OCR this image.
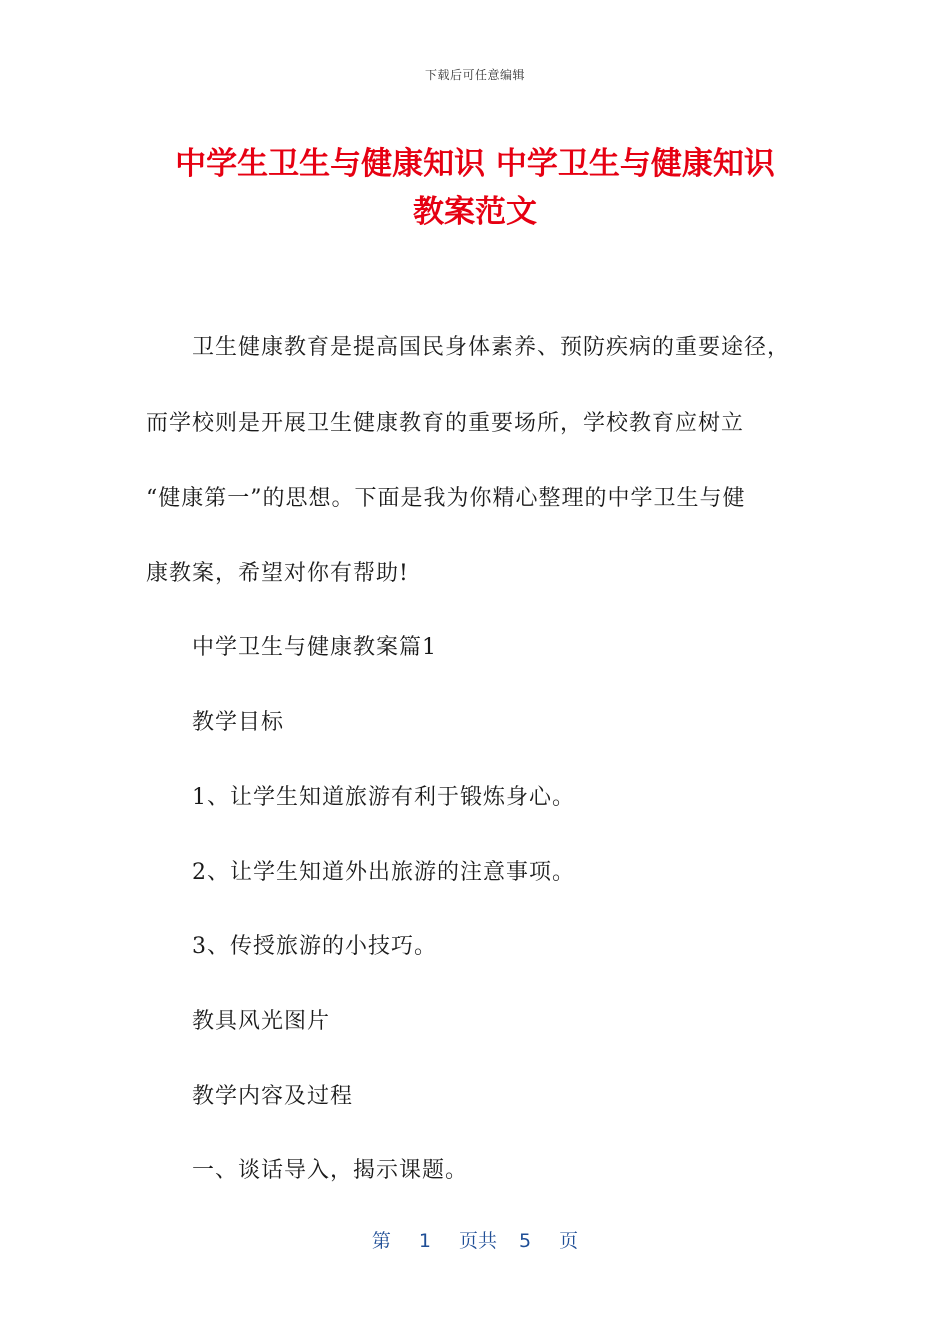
下载后可任意编辑
中学生卫生与健康知识 中学卫生与健康知识
教案范文
卫生健康教育是提高国民身体素养、预防疾病的重要途径，
而学校则是开展卫生健康教育的重要场所，学校教育应树立
“健康第一”的思想。下面是我为你精心整理的中学卫生与健
康教案，希望对你有帮助!
中学卫生与健康教案篇1
教学目标
1、让学生知道旅游有利于锻炼身心。
2、让学生知道外出旅游的注意事项。
3、传授旅游的小技巧。
教具风光图片
教学内容及过程
一、谈话导入，揭示课题。
第 1 页共 5 页
